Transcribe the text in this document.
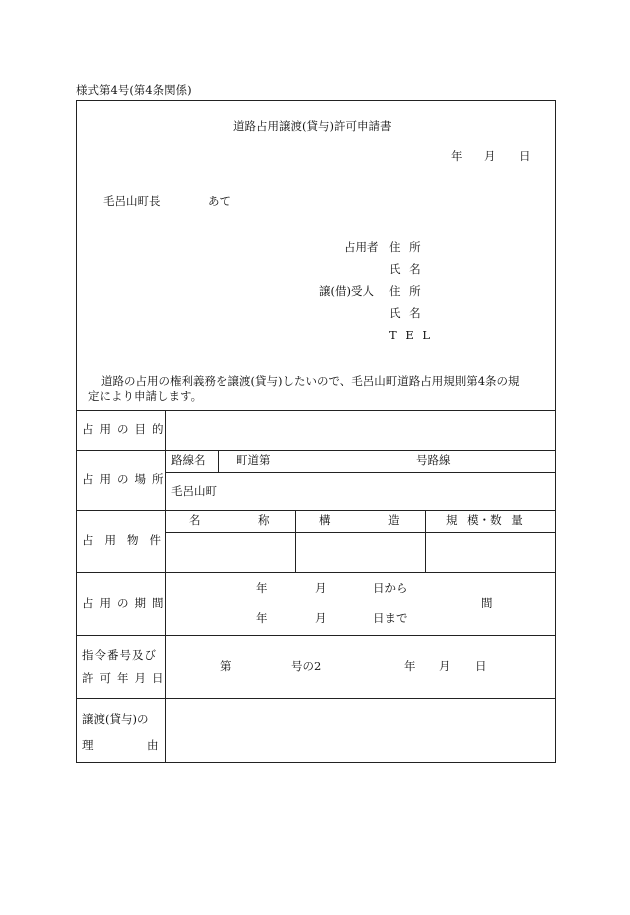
様式第4号(第4条関係)
道路占用譲渡(貸与)許可申請書
年 月 日
毛呂山町長	あて
占用者 住 所
氏 名
譲(借)受人 住 所
氏 名
T E L
道路の占用の権利義務を譲渡(貸与)したいので、毛呂山町道路占用規則第4条の規
定により申請します。
占用の目的
占用の場所
路線名	町道第	号路線
毛呂山町
占用物件
名　　　　　称	構　　　　　造	規 模・数 量
占用の期間
年	月	日から
年	月	日まで
間
指令番号及び
許可年月日
第	号の2	年 月 日
譲渡(貸与)の
理	由
